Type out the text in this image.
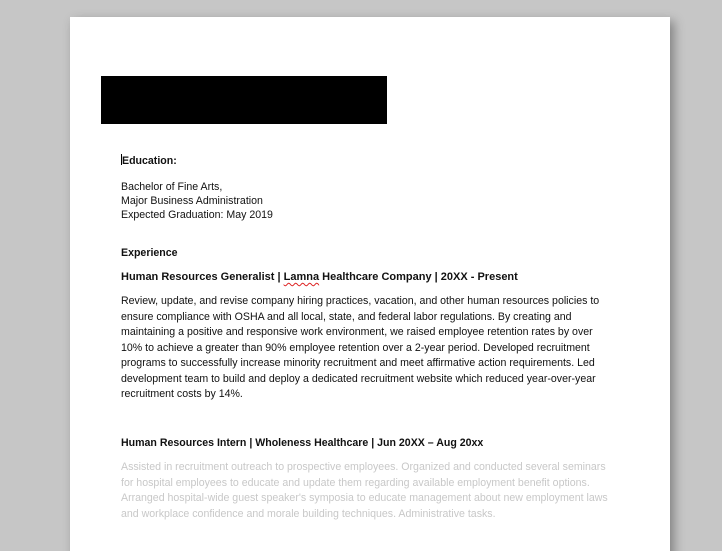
Education:
Bachelor of Fine Arts,
Major Business Administration
Expected Graduation: May 2019
Experience
Human Resources Generalist | Lamna Healthcare Company | 20XX - Present
Review, update, and revise company hiring practices, vacation, and other human resources policies to
ensure compliance with OSHA and all local, state, and federal labor regulations. By creating and
maintaining a positive and responsive work environment, we raised employee retention rates by over
10% to achieve a greater than 90% employee retention over a 2-year period. Developed recruitment
programs to successfully increase minority recruitment and meet affirmative action requirements. Led
development team to build and deploy a dedicated recruitment website which reduced year-over-year
recruitment costs by 14%.
Human Resources Intern | Wholeness Healthcare | Jun 20XX – Aug 20xx
Assisted in recruitment outreach to prospective employees. Organized and conducted several seminars
for hospital employees to educate and update them regarding available employment benefit options.
Arranged hospital-wide guest speaker's symposia to educate management about new employment laws
and workplace confidence and morale building techniques. Administrative tasks.
